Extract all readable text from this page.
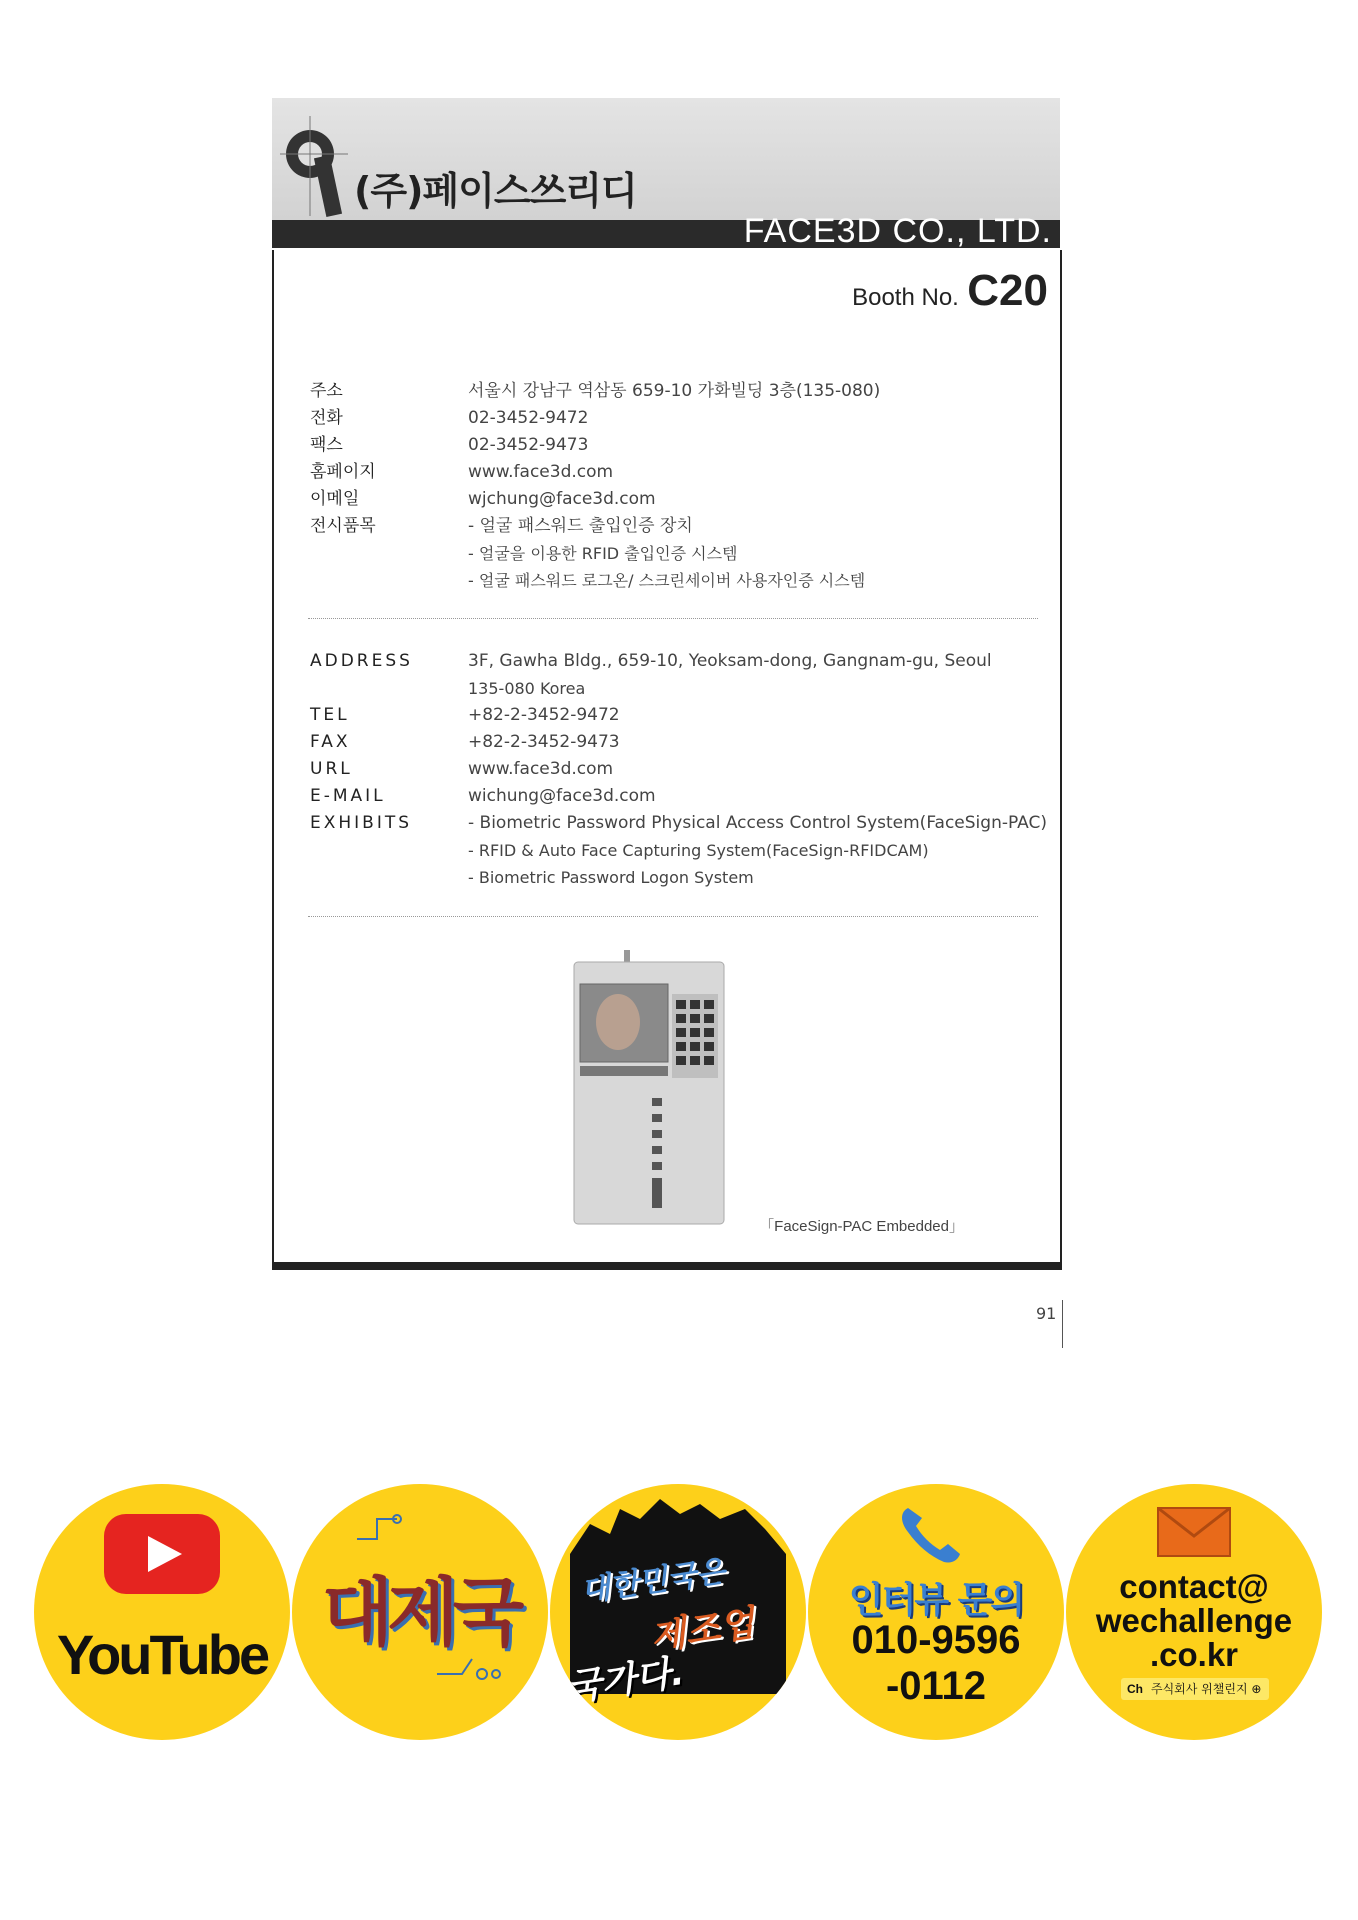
(주)페이스쓰리디
FACE3D CO., LTD.
Booth No. C20
주소	서울시 강남구 역삼동 659-10 가화빌딩 3층(135-080)
전화	02-3452-9472
팩스	02-3452-9473
홈페이지	www.face3d.com
이메일	wjchung@face3d.com
전시품목	- 얼굴 패스워드 출입인증 장치
- 얼굴을 이용한 RFID 출입인증 시스템
- 얼굴 패스워드 로그온/ 스크린세이버 사용자인증 시스템
ADDRESS	3F, Gawha Bldg., 659-10, Yeoksam-dong, Gangnam-gu, Seoul
135-080 Korea
TEL	+82-2-3452-9472
FAX	+82-2-3452-9473
URL	www.face3d.com
E-MAIL	wichung@face3d.com
EXHIBITS	- Biometric Password Physical Access Control System(FaceSign-PAC)
- RFID & Auto Face Capturing System(FaceSign-RFIDCAM)
- Biometric Password Logon System
「FaceSign-PAC Embedded」
91
YouTube 대제국	대한민국은
제조업
국가다.
인터뷰 문의
010-9596
-0112
contact@
wechallenge
.co.kr
Ch 주식회사 위챌린지 ⊕
